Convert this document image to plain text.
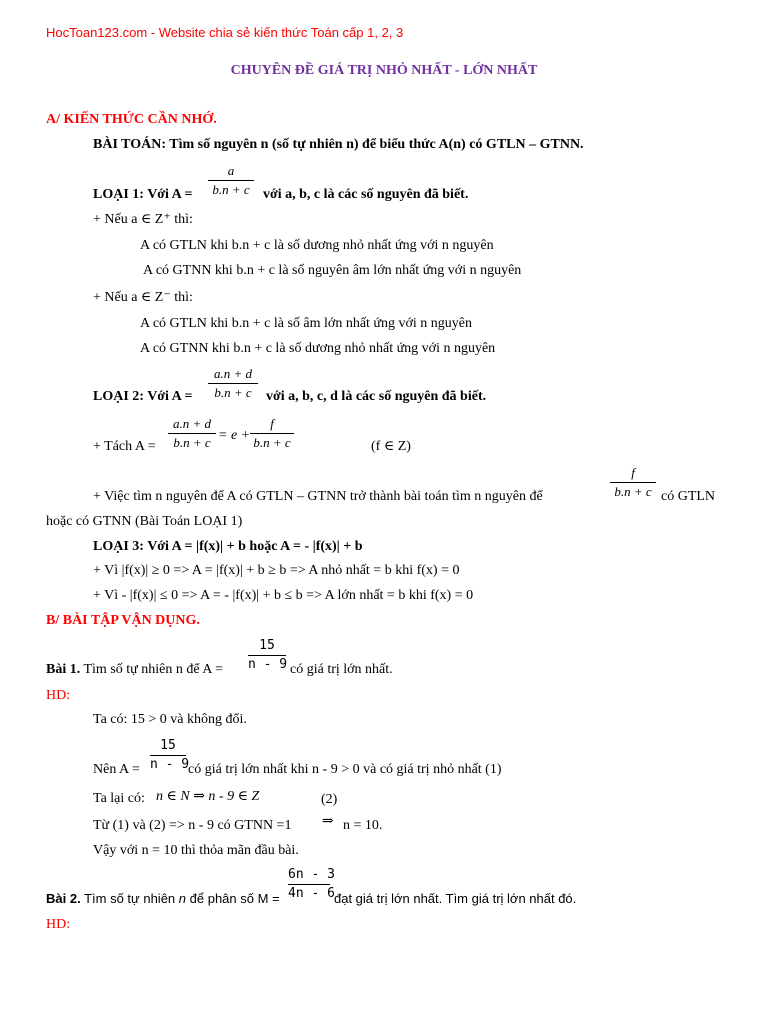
HocToan123.com - Website chia sẻ kiến thức Toán cấp 1, 2, 3
CHUYÊN ĐỀ GIÁ TRỊ NHỎ NHẤT - LỚN NHẤT
A/ KIẾN THỨC CẦN NHỚ.
BÀI TOÁN: Tìm số nguyên n (số tự nhiên n) để biểu thức A(n) có GTLN – GTNN.
LOẠI 1: Với A =
a
b.n + c với a, b, c là các số nguyên đã biết.
+ Nếu a ∈ Z⁺ thì:
A có GTLN khi b.n + c là số dương nhỏ nhất ứng với n nguyên
A có GTNN khi b.n + c là số nguyên âm lớn nhất ứng với n nguyên
+ Nếu a ∈ Z⁻ thì:
A có GTLN khi b.n + c là số âm lớn nhất ứng với n nguyên
A có GTNN khi b.n + c là số dương nhỏ nhất ứng với n nguyên
LOẠI 2: Với A =
a.n + d
b.n + c	với a, b, c, d là các số nguyên đã biết.
+ Tách A =
a.n + d
b.n + c = e +
f
b.n + c	(f ∈ Z)
+ Việc tìm n nguyên để A có GTLN – GTNN trở thành bài toán tìm n nguyên để
f
b.n + c có GTLN
hoặc có GTNN (Bài Toán LOẠI 1)
LOẠI 3: Với A = |f(x)| + b hoặc A = - |f(x)| + b
+ Vì |f(x)| ≥ 0 => A = |f(x)| + b ≥ b => A nhỏ nhất = b khi f(x) = 0
+ Vì - |f(x)| ≤ 0 => A = - |f(x)| + b ≤ b => A lớn nhất = b khi f(x) = 0
B/ BÀI TẬP VẬN DỤNG.
Bài 1. Tìm số tự nhiên n để A =
15
n - 9 có giá trị lớn nhất.
HD:
Ta có: 15 > 0 và không đổi.
Nên A =
15
n - 9
có giá trị lớn nhất khi n - 9 > 0 và có giá trị nhỏ nhất (1)
Ta lại có: n ∈ N ⇒ n - 9 ∈ Z	(2)
Từ (1) và (2) => n - 9 có GTNN =1 ⇒ n = 10.
Vậy với n = 10 thì thỏa mãn đầu bài.
Bài 2. Tìm số tự nhiên n để phân số M =
6n - 3
4n - 6 đạt giá trị lớn nhất. Tìm giá trị lớn nhất đó.
HD:
